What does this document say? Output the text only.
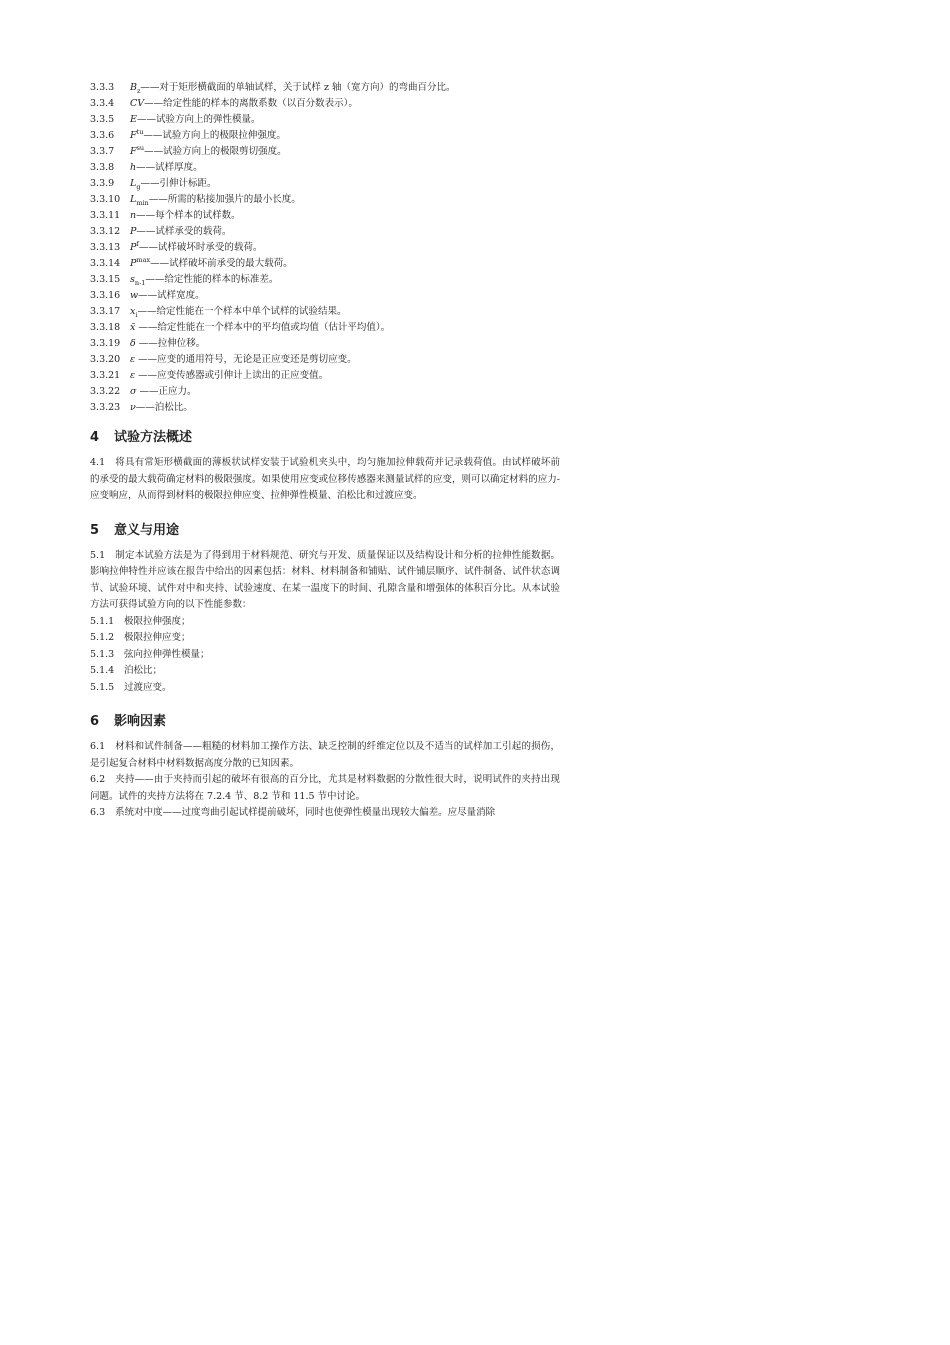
3.3.3 $B_z——$对于矩形横截面的单轴试样，关于试样 z 轴（宽方向）的弯曲百分比。
3.3.4 CV——给定性能的样本的离散系数（以百分数表示）。
3.3.5 E——试验方向上的弹性模量。
3.3.6 $F^{tu}——$试验方向上的极限拉伸强度。
3.3.7 $F^{su}——$试验方向上的极限剪切强度。
3.3.8 h——试样厚度。
3.3.9 $L_g——$引伸计标距。
3.3.10 $L_{min}——$所需的粘接加强片的最小长度。
3.3.11 n——每个样本的试样数。
3.3.12 P——试样承受的载荷。
3.3.13 $P^f——$试样破坏时承受的载荷。
3.3.14 $P^{max}——$试样破坏前承受的最大载荷。
3.3.15 $s_{n-1}——$给定性能的样本的标准差。
3.3.16 w——试样宽度。
3.3.17 $x_i——$给定性能在一个样本中单个试样的试验结果。
3.3.18 x̄ ——给定性能在一个样本中的平均值或均值（估计平均值）。
3.3.19 δ ——拉伸位移。
3.3.20 ε ——应变的通用符号，无论是正应变还是剪切应变。
3.3.21 ε ——应变传感器或引伸计上读出的正应变值。
3.3.22 σ ——正应力。
3.3.23 ν——泊松比。
4 试验方法概述

4.1 将具有常矩形横截面的薄板状试样安装于试验机夹头中，均匀施加拉伸载荷并记录载荷值。由试样破坏前的承受的最大载荷确定材料的极限强度。如果使用应变或位移传感器来测量试样的应变，则可以确定材料的应力-应变响应，从而得到材料的极限拉伸应变、拉伸弹性模量、泊松比和过渡应变。

5 意义与用途

5.1 制定本试验方法是为了得到用于材料规范、研究与开发、质量保证以及结构设计和分析的拉伸性能数据。影响拉伸特性并应该在报告中给出的因素包括：材料、材料制备和铺贴、试件铺层顺序、试件制备、试件状态调节、试验环境、试件对中和夹持、试验速度、在某一温度下的时间、孔隙含量和增强体的体积百分比。从本试验方法可获得试验方向的以下性能参数：

5.1.1 极限拉伸强度；
5.1.2 极限拉伸应变；
5.1.3 弦向拉伸弹性模量；
5.1.4 泊松比；
5.1.5 过渡应变。
6 影响因素

6.1 材料和试件制备——粗糙的材料加工操作方法、缺乏控制的纤维定位以及不适当的试样加工引起的损伤，是引起复合材料中材料数据高度分散的已知因素。

6.2 夹持——由于夹持而引起的破坏有很高的百分比，尤其是材料数据的分散性很大时，说明试件的夹持出现问题。试件的夹持方法将在 7.2.4 节、8.2 节和 11.5 节中讨论。

6.3 系统对中度——过度弯曲引起试样提前破坏，同时也使弹性模量出现较大偏差。应尽量消除
